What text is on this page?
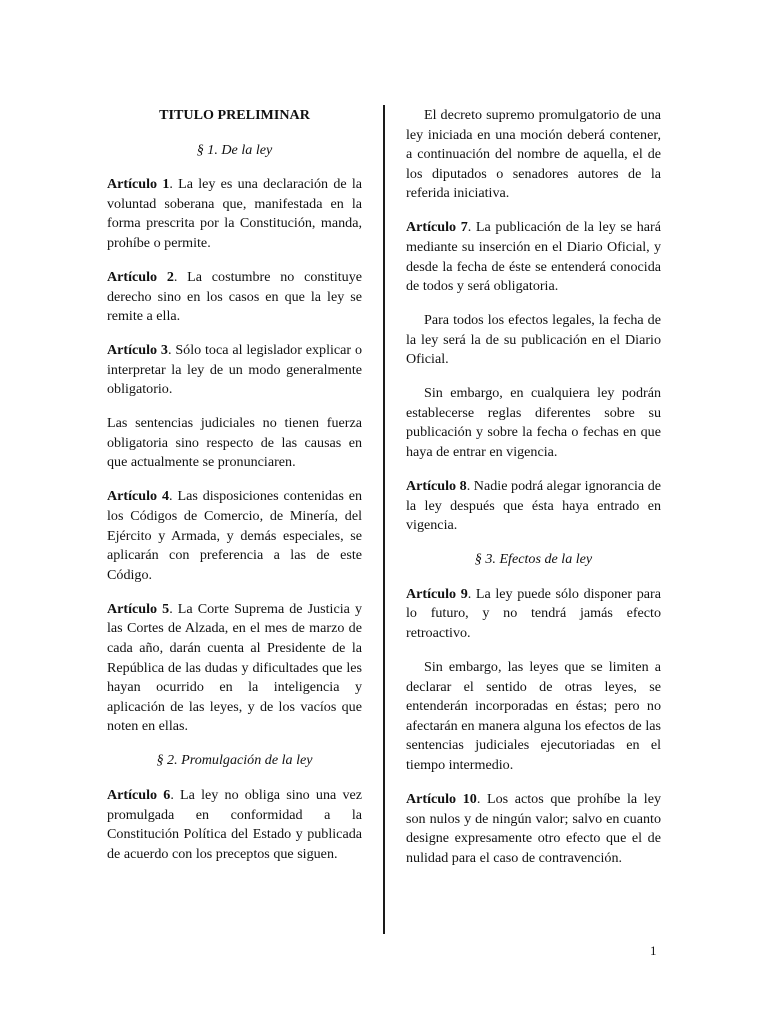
TITULO PRELIMINAR

§ 1. De la ley

Artículo 1. La ley es una declaración de la voluntad soberana que, manifestada en la forma prescrita por la Constitución, manda, prohíbe o permite.

Artículo 2. La costumbre no constituye derecho sino en los casos en que la ley se remite a ella.

Artículo 3. Sólo toca al legislador explicar o interpretar la ley de un modo generalmente obligatorio.

Las sentencias judiciales no tienen fuerza obligatoria sino respecto de las causas en que actualmente se pronunciaren.

Artículo 4. Las disposiciones contenidas en los Códigos de Comercio, de Minería, del Ejército y Armada, y demás especiales, se aplicarán con preferencia a las de este Código.

Artículo 5. La Corte Suprema de Justicia y las Cortes de Alzada, en el mes de marzo de cada año, darán cuenta al Presidente de la República de las dudas y dificultades que les hayan ocurrido en la inteligencia y aplicación de las leyes, y de los vacíos que noten en ellas.

§ 2. Promulgación de la ley

Artículo 6. La ley no obliga sino una vez promulgada en conformidad a la Constitución Política del Estado y publicada de acuerdo con los preceptos que siguen.

El decreto supremo promulgatorio de una ley iniciada en una moción deberá contener, a continuación del nombre de aquella, el de los diputados o senadores autores de la referida iniciativa.

Artículo 7. La publicación de la ley se hará mediante su inserción en el Diario Oficial, y desde la fecha de éste se entenderá conocida de todos y será obligatoria.

Para todos los efectos legales, la fecha de la ley será la de su publicación en el Diario Oficial.

Sin embargo, en cualquiera ley podrán establecerse reglas diferentes sobre su publicación y sobre la fecha o fechas en que haya de entrar en vigencia.

Artículo 8. Nadie podrá alegar ignorancia de la ley después que ésta haya entrado en vigencia.

§ 3. Efectos de la ley

Artículo 9. La ley puede sólo disponer para lo futuro, y no tendrá jamás efecto retroactivo.

Sin embargo, las leyes que se limiten a declarar el sentido de otras leyes, se entenderán incorporadas en éstas; pero no afectarán en manera alguna los efectos de las sentencias judiciales ejecutoriadas en el tiempo intermedio.

Artículo 10. Los actos que prohíbe la ley son nulos y de ningún valor; salvo en cuanto designe expresamente otro efecto que el de nulidad para el caso de contravención.

1
